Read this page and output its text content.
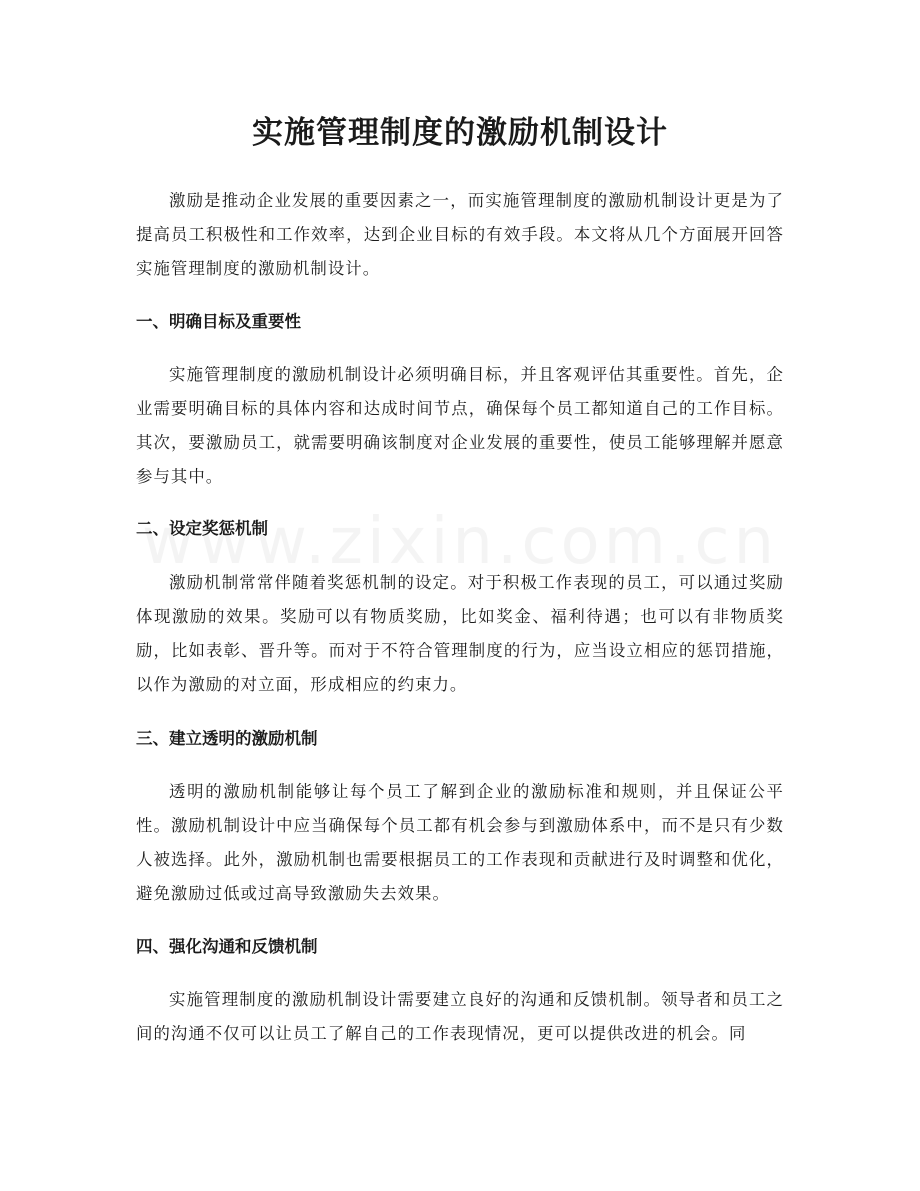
实施管理制度的激励机制设计

激励是推动企业发展的重要因素之一，而实施管理制度的激励机制设计更是为了提高员工积极性和工作效率，达到企业目标的有效手段。本文将从几个方面展开回答实施管理制度的激励机制设计。

一、明确目标及重要性

实施管理制度的激励机制设计必须明确目标，并且客观评估其重要性。首先，企业需要明确目标的具体内容和达成时间节点，确保每个员工都知道自己的工作目标。其次，要激励员工，就需要明确该制度对企业发展的重要性，使员工能够理解并愿意参与其中。

二、设定奖惩机制

激励机制常常伴随着奖惩机制的设定。对于积极工作表现的员工，可以通过奖励体现激励的效果。奖励可以有物质奖励，比如奖金、福利待遇；也可以有非物质奖励，比如表彰、晋升等。而对于不符合管理制度的行为，应当设立相应的惩罚措施，以作为激励的对立面，形成相应的约束力。

三、建立透明的激励机制

透明的激励机制能够让每个员工了解到企业的激励标准和规则，并且保证公平性。激励机制设计中应当确保每个员工都有机会参与到激励体系中，而不是只有少数人被选择。此外，激励机制也需要根据员工的工作表现和贡献进行及时调整和优化，避免激励过低或过高导致激励失去效果。

四、强化沟通和反馈机制

实施管理制度的激励机制设计需要建立良好的沟通和反馈机制。领导者和员工之间的沟通不仅可以让员工了解自己的工作表现情况，更可以提供改进的机会。同
